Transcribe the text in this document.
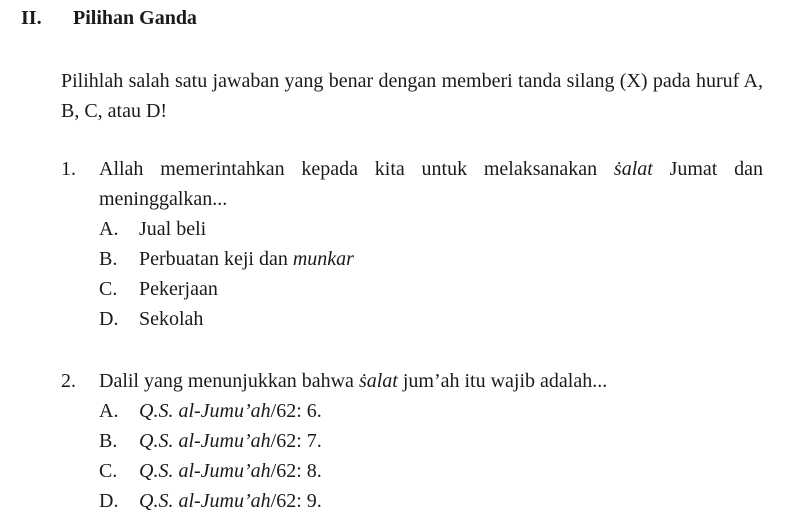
II. Pilihan Ganda
Pilihlah salah satu jawaban yang benar dengan memberi tanda silang (X) pada huruf A, B, C, atau D!
1. Allah memerintahkan kepada kita untuk melaksanakan ṡalat Jumat dan meninggalkan...
A. Jual beli
B. Perbuatan keji dan munkar
C. Pekerjaan
D. Sekolah
2. Dalil yang menunjukkan bahwa ṡalat jum’ah itu wajib adalah...
A. Q.S. al-Jumu’ah/62: 6.
B. Q.S. al-Jumu’ah/62: 7.
C. Q.S. al-Jumu’ah/62: 8.
D. Q.S. al-Jumu’ah/62: 9.
